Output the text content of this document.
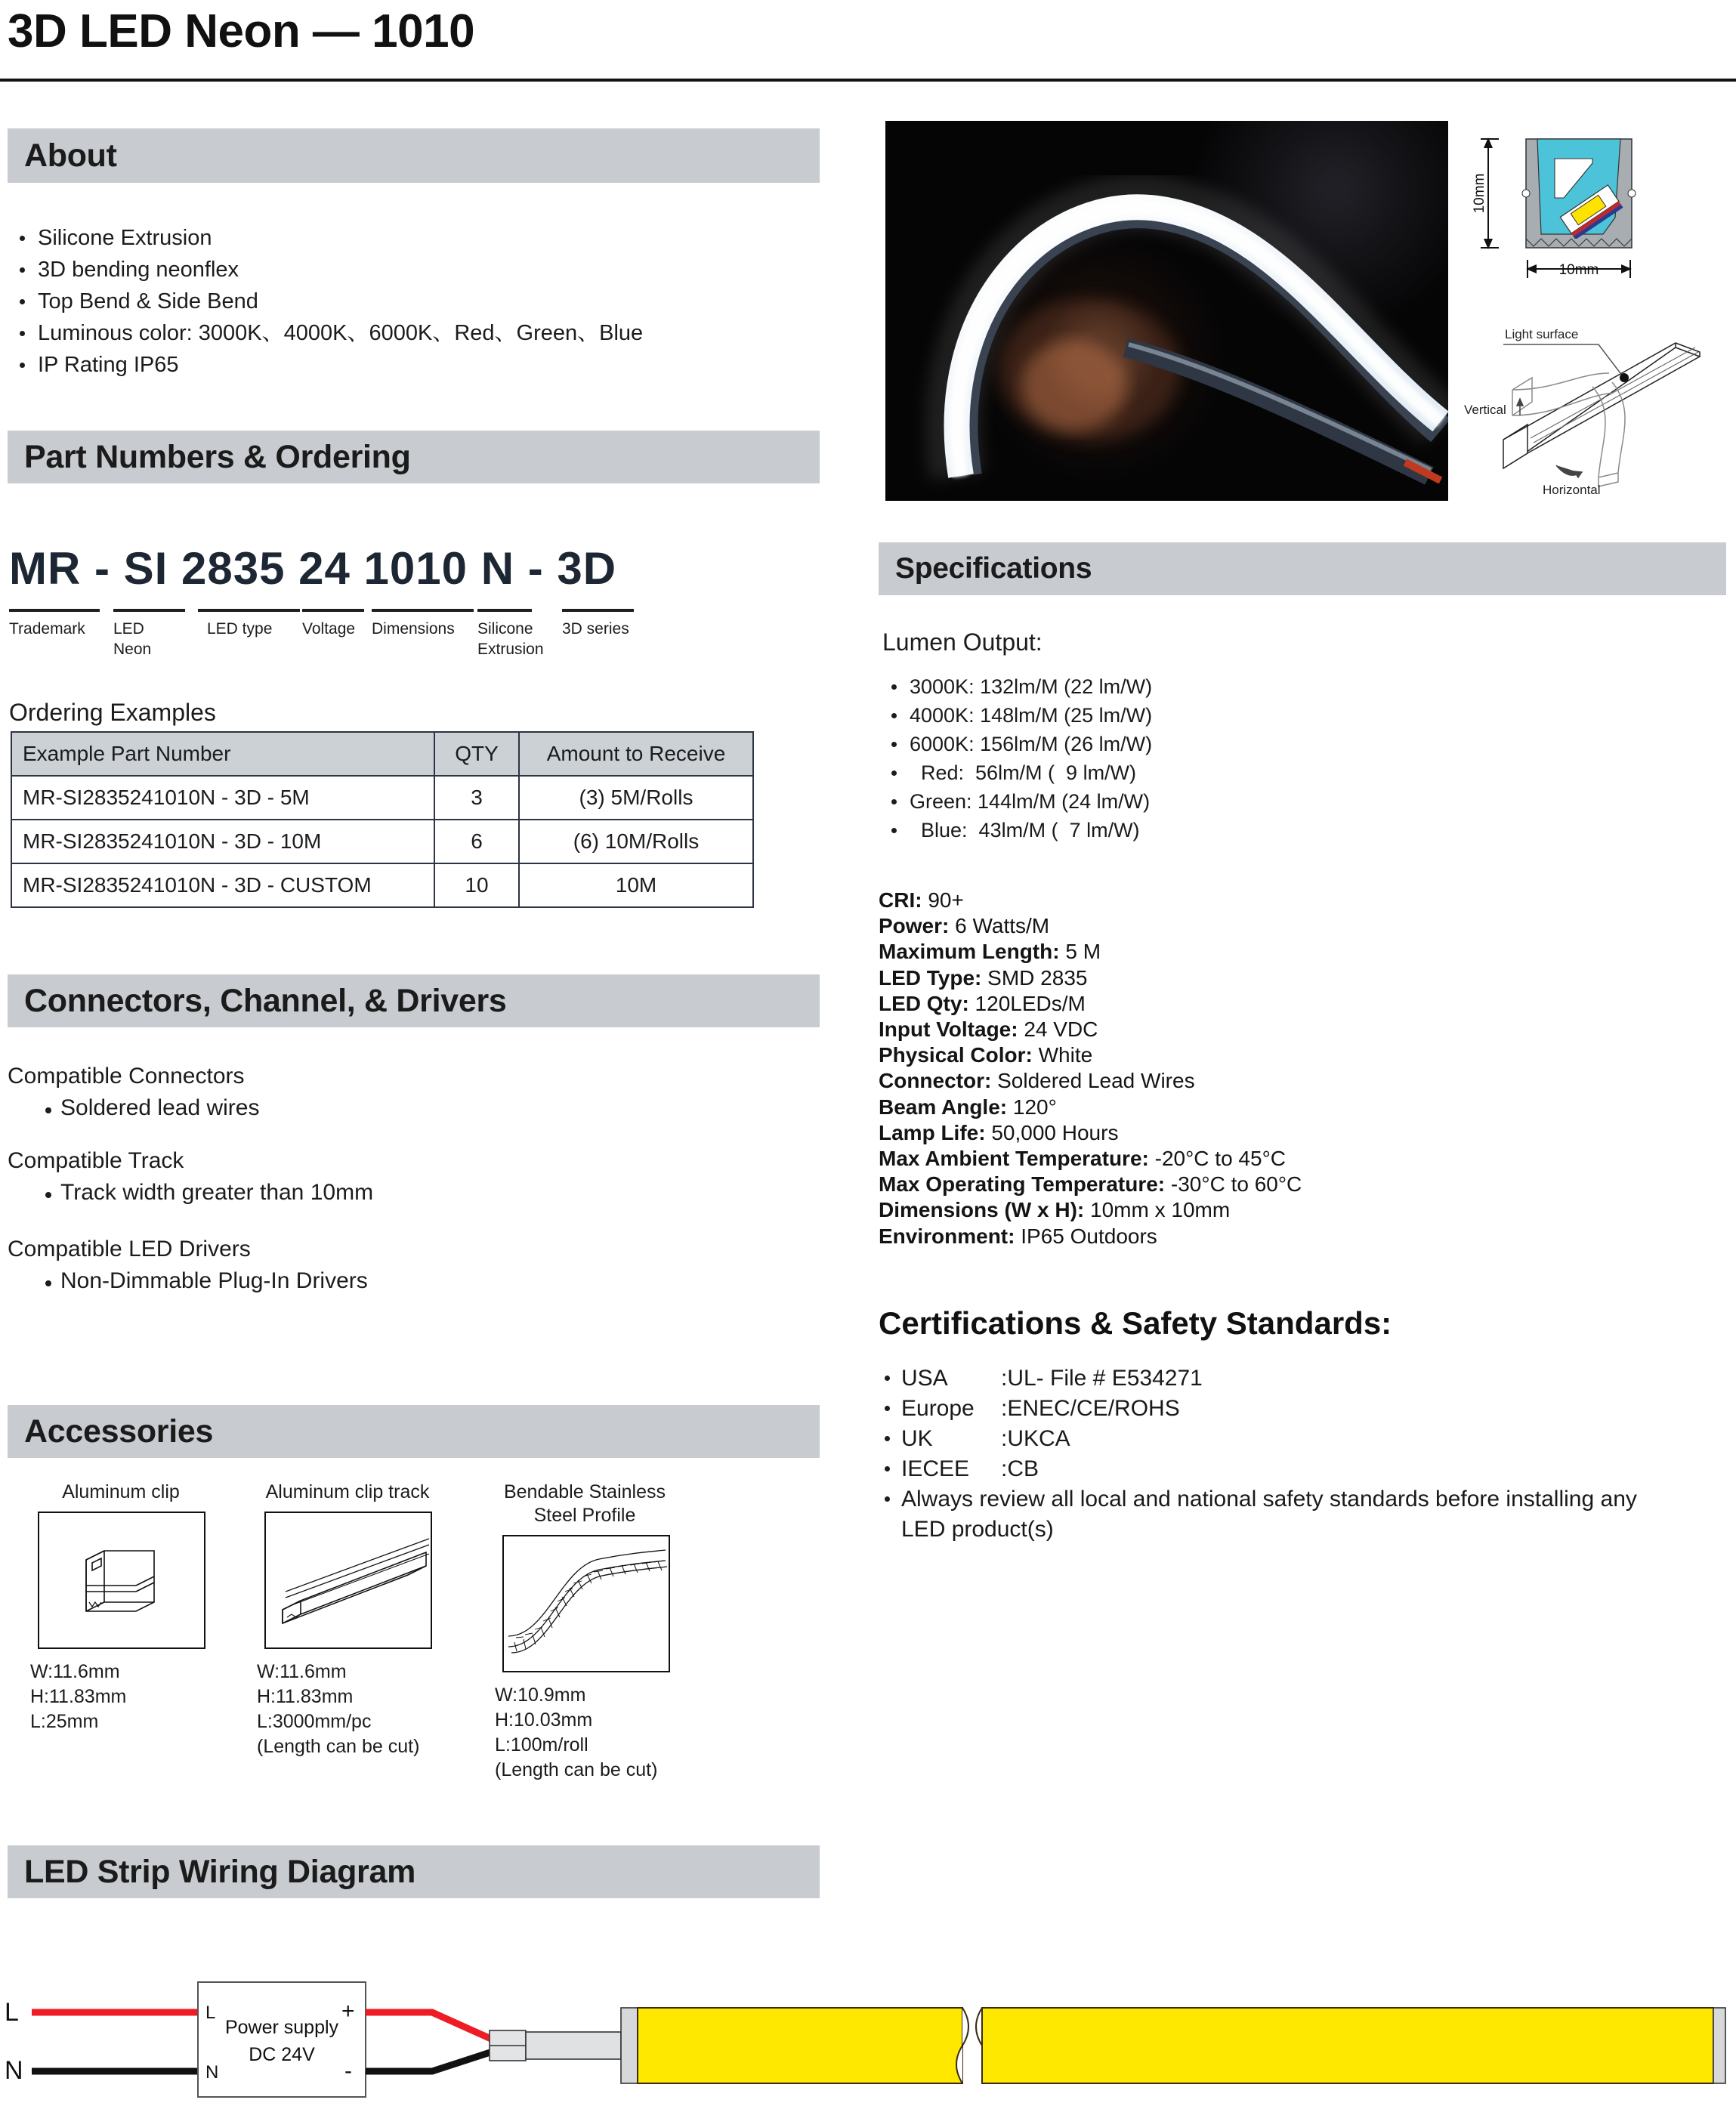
3D LED Neon — 1010
About
Silicone Extrusion
3D bending neonflex
Top Bend & Side Bend
Luminous color: 3000K、4000K、6000K、Red、Green、Blue
IP Rating IP65
Part Numbers & Ordering
MR - SI 2835 24 1010 N - 3D
Trademark	LED Neon
LED type	Voltage	Dimensions	Silicone Extrusion
3D series
Ordering Examples
Example Part Number	QTY	Amount to Receive
MR-SI2835241010N - 3D - 5M	3	(3) 5M/Rolls
MR-SI2835241010N - 3D - 10M	6	(6) 10M/Rolls
MR-SI2835241010N - 3D - CUSTOM	10	10M
Connectors, Channel, & Drivers
Compatible Connectors
Soldered lead wires
Compatible Track
Track width greater than 10mm
Compatible LED Drivers
Non-Dimmable Plug-In Drivers
Accessories
Aluminum clip
W:11.6mm
H:11.83mm
L:25mm
Aluminum clip track
W:11.6mm
H:11.83mm
L:3000mm/pc
(Length can be cut)
Bendable Stainless Steel Profile
W:10.9mm
H:10.03mm
L:100m/roll
(Length can be cut)
LED Strip Wiring Diagram
L
N
L
N
+
-
Power supply
DC 24V
10mm
10mm
Light surface
Vertical
Horizontal
Specifications
Lumen Output:
3000K: 132lm/M (22 lm/W)
4000K: 148lm/M (25 lm/W)
6000K: 156lm/M (26 lm/W)
Red:  56lm/M (  9 lm/W)
Green: 144lm/M (24 lm/W)
Blue:  43lm/M (  7 lm/W)
CRI: 90+
Power: 6 Watts/M
Maximum Length: 5 M
LED Type: SMD 2835
LED Qty: 120LEDs/M
Input Voltage: 24 VDC
Physical Color: White
Connector: Soldered Lead Wires
Beam Angle: 120°
Lamp Life: 50,000 Hours
Max Ambient Temperature: -20°C to 45°C
Max Operating Temperature: -30°C to 60°C
Dimensions (W x H): 10mm x 10mm
Environment: IP65 Outdoors
Certifications & Safety Standards:
USA :UL- File # E534271
Europe :ENEC/CE/ROHS
UK	:UKCA
IECEE :CB
Always review all local and national safety standards before installing any LED product(s)
